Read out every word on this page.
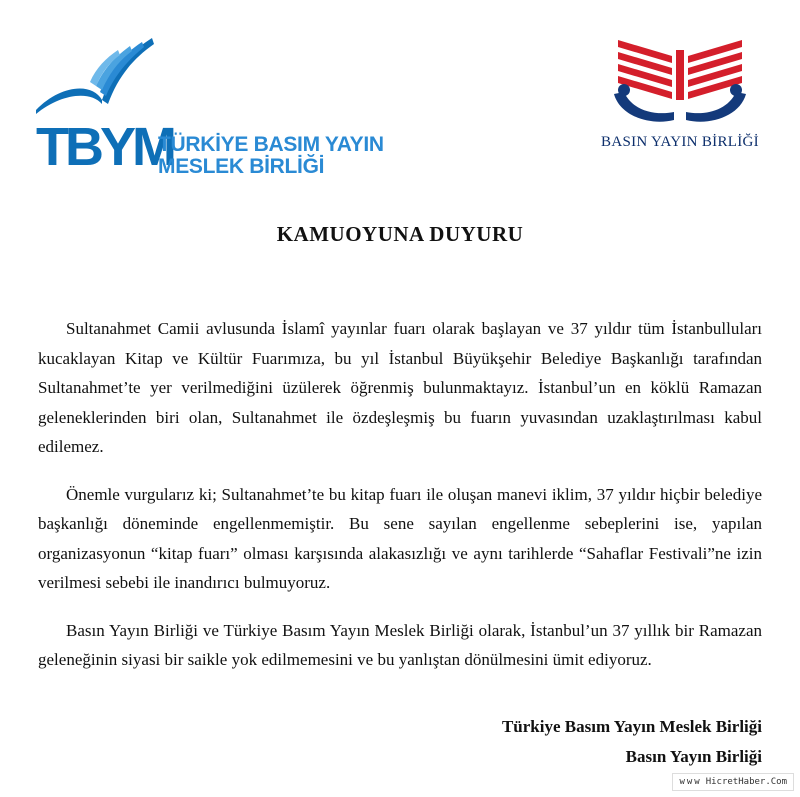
TBYM
TÜRKİYE BASIM YAYIN
MESLEK BİRLİĞİ
BASIN YAYIN BİRLİĞİ
KAMUOYUNA DUYURU

Sultanahmet Camii avlusunda İslamî yayınlar fuarı olarak başlayan ve 37 yıldır tüm İstanbulluları kucaklayan Kitap ve Kültür Fuarımıza, bu yıl İstanbul Büyükşehir Belediye Başkanlığı tarafından Sultanahmet’te yer verilmediğini üzülerek öğrenmiş bulunmaktayız. İstanbul’un en köklü Ramazan geleneklerinden biri olan, Sultanahmet ile özdeşleşmiş bu fuarın yuvasından uzaklaştırılması kabul edilemez.

Önemle vurgularız ki; Sultanahmet’te bu kitap fuarı ile oluşan manevi iklim, 37 yıldır hiçbir belediye başkanlığı döneminde engellenmemiştir. Bu sene sayılan engellenme sebeplerini ise, yapılan organizasyonun “kitap fuarı” olması karşısında alakasızlığı ve aynı tarihlerde “Sahaflar Festivali”ne izin verilmesi sebebi ile inandırıcı bulmuyoruz.

Basın Yayın Birliği ve Türkiye Basım Yayın Meslek Birliği olarak, İstanbul’un 37 yıllık bir Ramazan geleneğinin siyasi bir saikle yok edilmemesini ve bu yanlıştan dönülmesini ümit ediyoruz.

Türkiye Basım Yayın Meslek Birliği
Basın Yayın Birliği
www HicretHaber.Com
